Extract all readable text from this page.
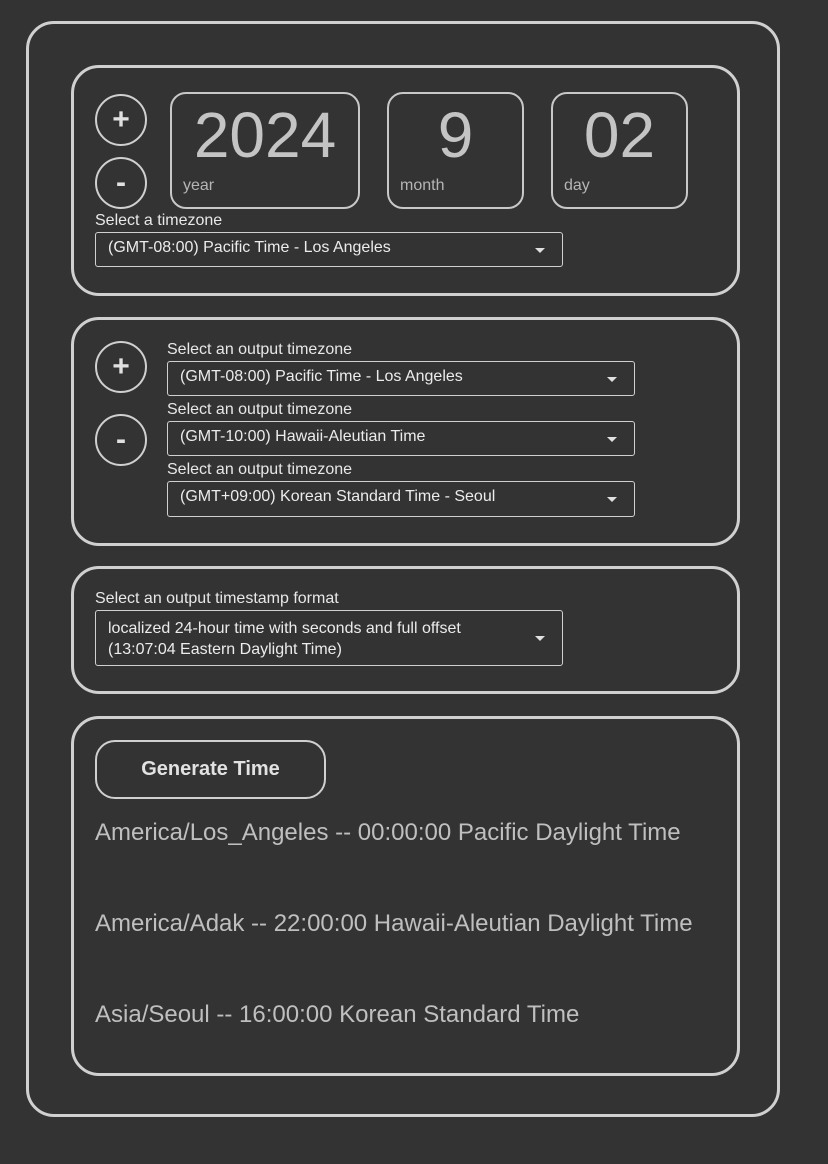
+
-
2024
year
9
month
02
day
Select a timezone
(GMT-08:00) Pacific Time - Los Angeles
+
-
Select an output timezone
(GMT-08:00) Pacific Time - Los Angeles
Select an output timezone
(GMT-10:00) Hawaii-Aleutian Time
Select an output timezone
(GMT+09:00) Korean Standard Time - Seoul
Select an output timestamp format
localized 24-hour time with seconds and full offset
(13:07:04 Eastern Daylight Time)
Generate Time
America/Los_Angeles -- 00:00:00 Pacific Daylight Time
America/Adak -- 22:00:00 Hawaii-Aleutian Daylight Time
Asia/Seoul -- 16:00:00 Korean Standard Time
